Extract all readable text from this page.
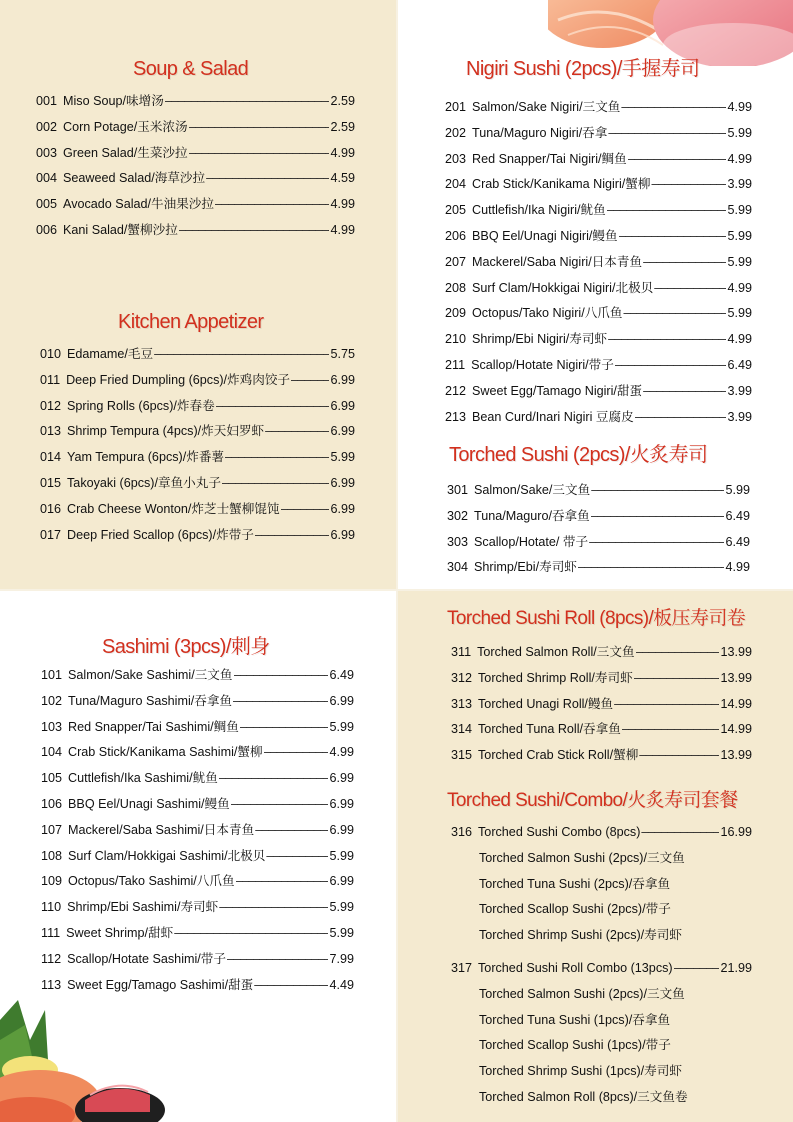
Soup & Salad
001 Miso Soup/味增汤 –––––	2.59
002 Corn Potage/玉米浓汤 –––––	2.59
003 Green Salad/生菜沙拉 –––––	4.99
004 Seaweed Salad/海草沙拉 –––––	4.59
005 Avocado Salad/牛油果沙拉 –––––	4.99
006 Kani Salad/蟹柳沙拉 –––––	4.99
Kitchen Appetizer
010 Edamame/毛豆 –––––	5.75
011 Deep Fried Dumpling (6pcs)/炸鸡肉饺子 –––––	6.99
012 Spring Rolls (6pcs)/炸春卷 –––––	6.99
013 Shrimp Tempura (4pcs)/炸天妇罗虾 –––––	6.99
014 Yam Tempura (6pcs)/炸番薯 –––––	5.99
015 Takoyaki (6pcs)/章鱼小丸子 –––––	6.99
016 Crab Cheese Wonton/炸芝士蟹柳馄饨 –––––	6.99
017 Deep Fried Scallop (6pcs)/炸带子 –––––	6.99
Nigiri Sushi (2pcs)/手握寿司
201 Salmon/Sake Nigiri/三文鱼 –––––	4.99
202 Tuna/Maguro Nigiri/吞拿 –––––	5.99
203 Red Snapper/Tai Nigiri/鲷鱼 –––––	4.99
204 Crab Stick/Kanikama Nigiri/蟹柳 –––––	3.99
205 Cuttlefish/Ika Nigiri/鱿鱼 –––––	5.99
206 BBQ Eel/Unagi Nigiri/鳗鱼 –––––	5.99
207 Mackerel/Saba Nigiri/日本青鱼 –––––	5.99
208 Surf Clam/Hokkigai Nigiri/北极贝 –––––	4.99
209 Octopus/Tako Nigiri/八爪鱼 –––––	5.99
210 Shrimp/Ebi Nigiri/寿司虾 –––––	4.99
211 Scallop/Hotate Nigiri/带子 –––––	6.49
212 Sweet Egg/Tamago Nigiri/甜蛋 –––––	3.99
213 Bean Curd/Inari Nigiri 豆腐皮 –––––	3.99
Torched Sushi (2pcs)/火炙寿司
301 Salmon/Sake/三文鱼 –––––	5.99
302 Tuna/Maguro/吞拿鱼 –––––	6.49
303 Scallop/Hotate/ 带子 –––––	6.49
304 Shrimp/Ebi/寿司虾 –––––	4.99
Sashimi (3pcs)/刺身
101 Salmon/Sake Sashimi/三文鱼 –––––	6.49
102 Tuna/Maguro Sashimi/吞拿鱼 –––––	6.99
103 Red Snapper/Tai Sashimi/鲷鱼 –––––	5.99
104 Crab Stick/Kanikama Sashimi/蟹柳 –––––	4.99
105 Cuttlefish/Ika Sashimi/鱿鱼 –––––	6.99
106 BBQ Eel/Unagi Sashimi/鳗鱼 –––––	6.99
107 Mackerel/Saba Sashimi/日本青鱼 –––––	6.99
108 Surf Clam/Hokkigai Sashimi/北极贝 –––––	5.99
109 Octopus/Tako Sashimi/八爪鱼 –––––	6.99
110 Shrimp/Ebi Sashimi/寿司虾 –––––	5.99
111 Sweet Shrimp/甜虾 –––––	5.99
112 Scallop/Hotate Sashimi/带子 –––––	7.99
113 Sweet Egg/Tamago Sashimi/甜蛋 –––––	4.49
Torched Sushi Roll (8pcs)/板压寿司卷
311 Torched Salmon Roll/三文鱼 –––––	13.99
312 Torched Shrimp Roll/寿司虾 –––––	13.99
313 Torched Unagi Roll/鳗鱼 –––––	14.99
314 Torched Tuna Roll/吞拿鱼 –––––	14.99
315 Torched Crab Stick Roll/蟹柳 –––––	13.99
Torched Sushi/Combo/火炙寿司套餐
316 Torched Sushi Combo (8pcs) –––––	16.99
Torched Salmon Sushi (2pcs)/三文鱼
Torched Tuna Sushi (2pcs)/吞拿鱼
Torched Scallop Sushi (2pcs)/带子
Torched Shrimp Sushi (2pcs)/寿司虾
317 Torched Sushi Roll Combo (13pcs) –––––	21.99
Torched Salmon Sushi (2pcs)/三文鱼
Torched Tuna Sushi (1pcs)/吞拿鱼
Torched Scallop Sushi (1pcs)/带子
Torched Shrimp Sushi (1pcs)/寿司虾
Torched Salmon Roll (8pcs)/三文鱼卷
